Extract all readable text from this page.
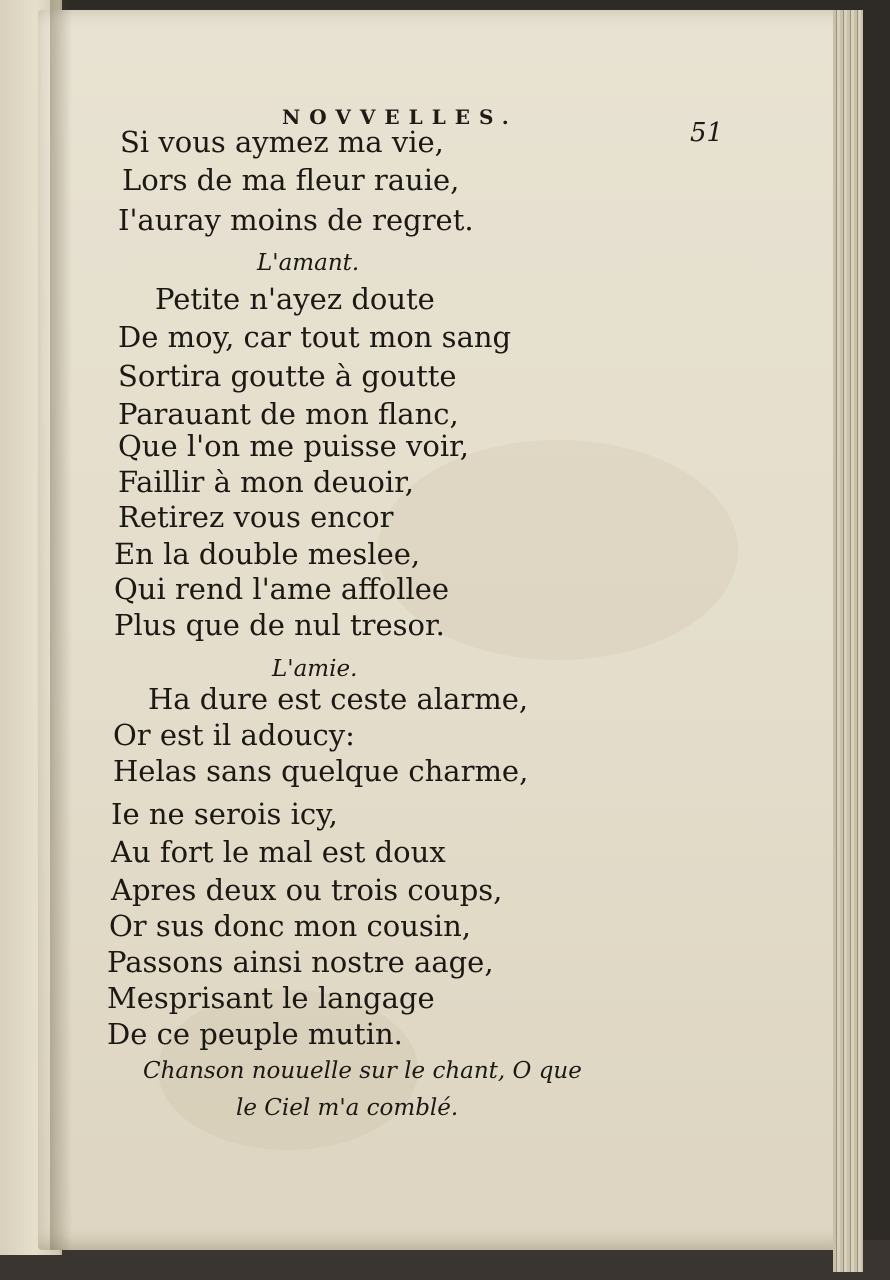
NOVVELLES.
51
Si vous aymez ma vie,
Lors de ma fleur rauie,
I'auray moins de regret.
L'amant.
Petite n'ayez doute
De moy, car tout mon sang
Sortira goutte à goutte
Parauant de mon flanc,
Que l'on me puisse voir,
Faillir à mon deuoir,
Retirez vous encor
En la double meslee,
Qui rend l'ame affollee
Plus que de nul tresor.
L'amie.
Ha dure est ceste alarme,
Or est il adoucy:
Helas sans quelque charme,
Ie ne serois icy,
Au fort le mal est doux
Apres deux ou trois coups,
Or sus donc mon cousin,
Passons ainsi nostre aage,
Mesprisant le langage
De ce peuple mutin.
Chanson nouuelle sur le chant, O que
le Ciel m'a comblé.
